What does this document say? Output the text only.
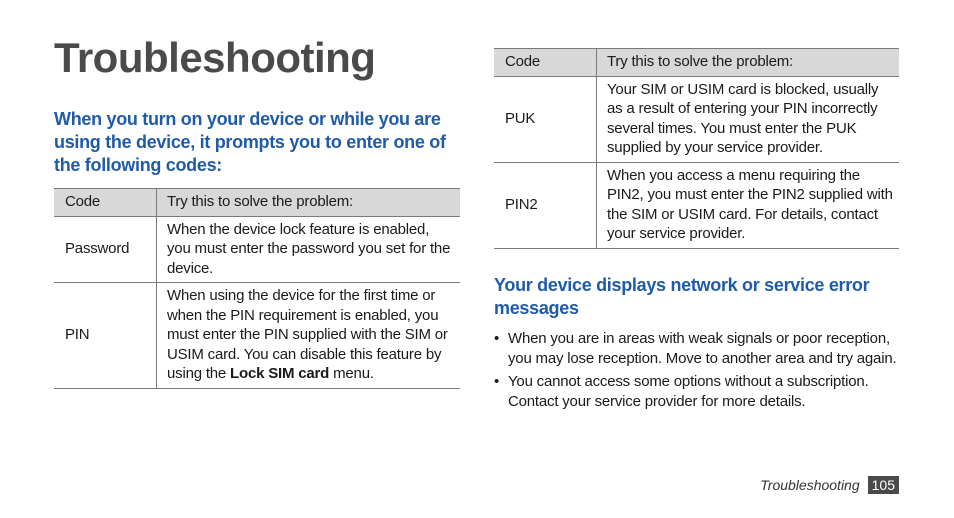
Troubleshooting
When you turn on your device or while you are using the device, it prompts you to enter one of the following codes:
Code	Try this to solve the problem:
Password	When the device lock feature is enabled, you must enter the password you set for the device.
PIN	When using the device for the first time or when the PIN requirement is enabled, you must enter the PIN supplied with the SIM or USIM card. You can disable this feature by using the Lock SIM card menu.
Code	Try this to solve the problem:
PUK	Your SIM or USIM card is blocked, usually as a result of entering your PIN incorrectly several times. You must enter the PUK supplied by your service provider.
PIN2	When you access a menu requiring the PIN2, you must enter the PIN2 supplied with the SIM or USIM card. For details, contact your service provider.
Your device displays network or service error messages
• When you are in areas with weak signals or poor reception, you may lose reception. Move to another area and try again.
• You cannot access some options without a subscription. Contact your service provider for more details.
Troubleshooting 105
